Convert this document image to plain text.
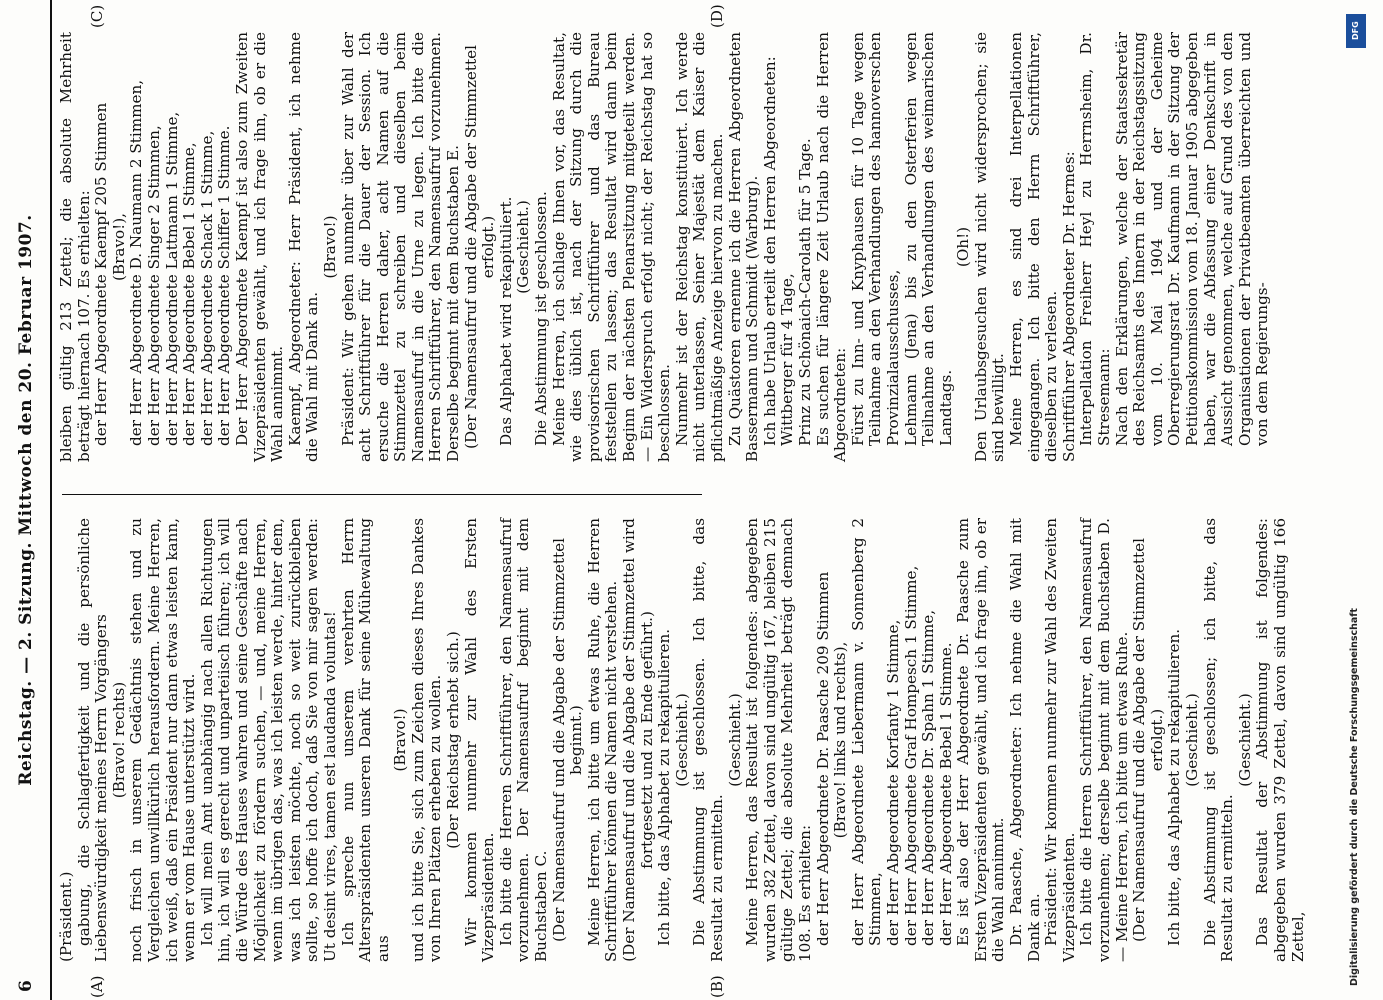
6
Reichstag. — 2. Sitzung. Mittwoch den 20. Februar 1907.
(A)	(B)
(C)	(D)

(Präsident.) gabung, die Schlagfertigkeit und die persönliche Liebenswürdigkeit meines Herrn Vorgängers (Bravo! rechts) noch frisch in unserem Gedächtnis stehen und zu Vergleichen unwillkürlich herausfordern. Meine Herren, ich weiß, daß ein Präsident nur dann etwas leisten kann, wenn er vom Hause unterstützt wird. Ich will mein Amt unabhängig nach allen Richtungen hin, ich will es gerecht und unparteiisch führen; ich will die Würde des Hauses wahren und seine Geschäfte nach Möglichkeit zu fördern suchen, — und, meine Herren, wenn im übrigen das, was ich leisten werde, hinter dem, was ich leisten möchte, noch so weit zurückbleiben sollte, so hoffe ich doch, daß Sie von mir sagen werden: Ut desint vires, tamen est laudanda voluntas! Ich spreche nun unserem verehrten Herrn Alterspräsidenten unseren Dank für seine Mühewaltung aus

(Bravo!) und ich bitte Sie, sich zum Zeichen dieses Ihres Dankes von Ihren Plätzen erheben zu wollen. (Der Reichstag erhebt sich.) Wir kommen nunmehr zur Wahl des Ersten Vizepräsidenten. Ich bitte die Herren Schriftführer, den Namensaufruf vorzunehmen. Der Namensaufruf beginnt mit dem Buchstaben C. (Der Namensaufruf und die Abgabe der Stimmzettel beginnt.) Meine Herren, ich bitte um etwas Ruhe, die Herren Schriftführer können die Namen nicht verstehen. (Der Namensaufruf und die Abgabe der Stimmzettel wird fortgesetzt und zu Ende geführt.) Ich bitte, das Alphabet zu rekapitulieren. (Geschieht.) Die Abstimmung ist geschlossen. Ich bitte, das Resultat zu ermitteln.

(Geschieht.) Meine Herren, das Resultat ist folgendes: abgegeben wurden 382 Zettel, davon sind ungültig 167, bleiben 215 gültige Zettel; die absolute Mehrheit beträgt demnach 108. Es erhielten: der Herr Abgeordnete Dr. Paasche 209 Stimmen (Bravo! links und rechts), der Herr Abgeordnete Liebermann v. Sonnenberg 2 Stimmen, der Herr Abgeordnete Korfanty 1 Stimme, der Herr Abgeordnete Graf Hompesch 1 Stimme, der Herr Abgeordnete Dr. Spahn 1 Stimme, der Herr Abgeordnete Bebel 1 Stimme. Es ist also der Herr Abgeordnete Dr. Paasche zum Ersten Vizepräsidenten gewählt, und ich frage ihn, ob er die Wahl annimmt. Dr. Paasche, Abgeordneter: Ich nehme die Wahl mit Dank an. Präsident: Wir kommen nunmehr zur Wahl des Zweiten Vizepräsidenten. Ich bitte die Herren Schriftführer, den Namensaufruf vorzunehmen; derselbe beginnt mit dem Buchstaben D. — Meine Herren, ich bitte um etwas Ruhe. (Der Namensaufruf und die Abgabe der Stimmzettel erfolgt.) Ich bitte, das Alphabet zu rekapitulieren. (Geschieht.) Die Abstimmung ist geschlossen; ich bitte, das Resultat zu ermitteln.

(Geschieht.) Das Resultat der Abstimmung ist folgendes: abgegeben wurden 379 Zettel, davon sind ungültig 166 Zettel,

bleiben gültig 213 Zettel; die absolute Mehrheit beträgt hiernach 107. Es erhielten: der Herr Abgeordnete Kaempf 205 Stimmen (Bravo!), der Herr Abgeordnete D. Naumann 2 Stimmen, der Herr Abgeordnete Singer 2 Stimmen, der Herr Abgeordnete Lattmann 1 Stimme, der Herr Abgeordnete Bebel 1 Stimme, der Herr Abgeordnete Schack 1 Stimme, der Herr Abgeordnete Schiffer 1 Stimme. Der Herr Abgeordnete Kaempf ist also zum Zweiten Vizepräsidenten gewählt, und ich frage ihn, ob er die Wahl annimmt. Kaempf, Abgeordneter: Herr Präsident, ich nehme die Wahl mit Dank an.

(Bravo!) Präsident: Wir gehen nunmehr über zur Wahl der acht Schriftführer für die Dauer der Session. Ich ersuche die Herren daher, acht Namen auf die Stimmzettel zu schreiben und dieselben beim Namensaufruf in die Urne zu legen. Ich bitte die Herren Schriftführer, den Namensaufruf vorzunehmen. Derselbe beginnt mit dem Buchstaben E. (Der Namensaufruf und die Abgabe der Stimmzettel erfolgt.) Das Alphabet wird rekapituliert. (Geschieht.) Die Abstimmung ist geschlossen. Meine Herren, ich schlage Ihnen vor, das Resultat, wie dies üblich ist, nach der Sitzung durch die provisorischen Schriftführer und das Bureau feststellen zu lassen; das Resultat wird dann beim Beginn der nächsten Plenarsitzung mitgeteilt werden. — Ein Widerspruch erfolgt nicht; der Reichstag hat so beschlossen. Nunmehr ist der Reichstag konstituiert. Ich werde nicht unterlassen, Seiner Majestät dem Kaiser die pflichtmäßige Anzeige hiervon zu machen. Zu Quästoren ernenne ich die Herren Abgeordneten Bassermann und Schmidt (Warburg). Ich habe Urlaub erteilt den Herren Abgeordneten: Wittberger für 4 Tage, Prinz zu Schönaich-Carolath für 5 Tage. Es suchen für längere Zeit Urlaub nach die Herren Abgeordneten: Fürst zu Inn- und Knyphausen für 10 Tage wegen Teilnahme an den Verhandlungen des hannoverschen Provinzialausschusses, Lehmann (Jena) bis zu den Osterferien wegen Teilnahme an den Verhandlungen des weimarischen Landtags.

(Oh!) Den Urlaubsgesuchen wird nicht widersprochen; sie sind bewilligt. Meine Herren, es sind drei Interpellationen eingegangen. Ich bitte den Herrn Schriftführer, dieselben zu verlesen. Schriftführer Abgeordneter Dr. Hermes: Interpellation Freiherr Heyl zu Herrnsheim, Dr. Stresemann: Nach den Erklärungen, welche der Staatssekretär des Reichsamts des Innern in der Reichstagssitzung vom 10. Mai 1904 und der Geheime Oberregierungsrat Dr. Kaufmann in der Sitzung der Petitionskommission vom 18. Januar 1905 abgegeben haben, war die Abfassung einer Denkschrift in Aussicht genommen, welche auf Grund des von den Organisationen der Privatbeamten überreichten und von dem Regierungs-

DFG
Digitalisierung gefördert durch die Deutsche Forschungsgemeinschaft
